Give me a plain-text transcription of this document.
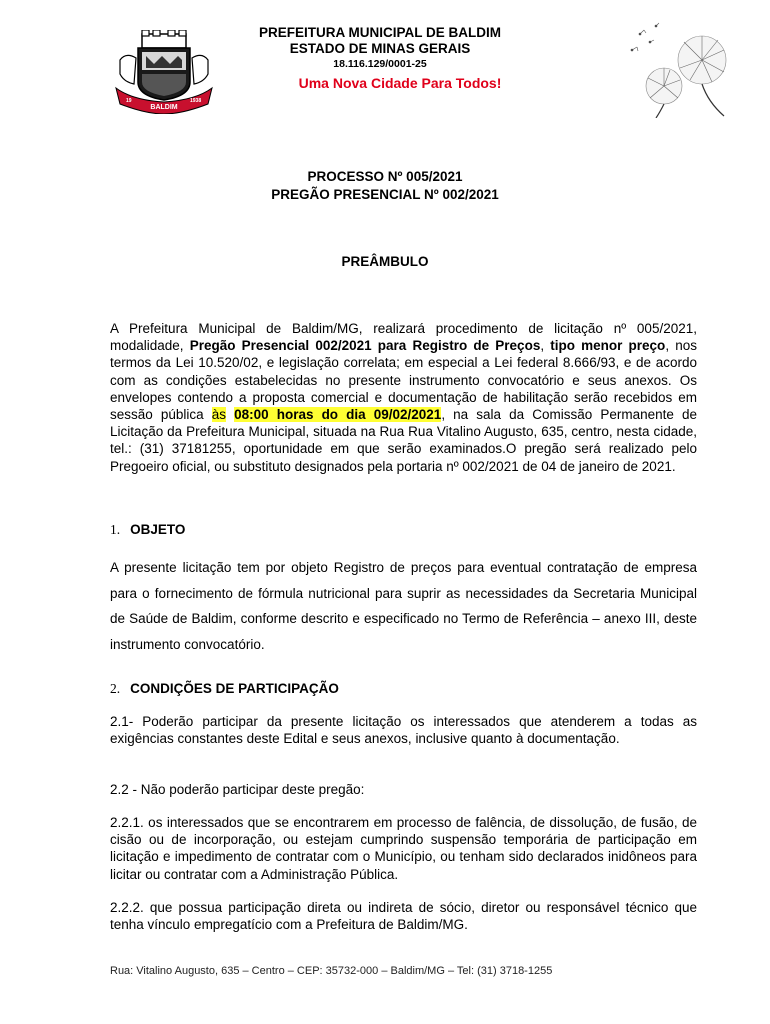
BALDIM
19	1938
PREFEITURA MUNICIPAL DE BALDIM
ESTADO DE MINAS GERAIS
18.116.129/0001-25
Uma Nova Cidade Para Todos!
PROCESSO Nº 005/2021
PREGÃO PRESENCIAL Nº 002/2021
PREÂMBULO
A Prefeitura Municipal de Baldim/MG, realizará procedimento de licitação nº 005/2021, modalidade, Pregão Presencial 002/2021 para Registro de Preços, tipo menor preço, nos termos da Lei 10.520/02, e legislação correlata; em especial a Lei federal 8.666/93, e de acordo com as condições estabelecidas no presente instrumento convocatório e seus anexos. Os envelopes contendo a proposta comercial e documentação de habilitação serão recebidos em sessão pública às 08:00 horas do dia 09/02/2021, na sala da Comissão Permanente de Licitação da Prefeitura Municipal, situada na Rua Rua Vitalino Augusto, 635, centro, nesta cidade, tel.: (31) 37181255, oportunidade em que serão examinados.O pregão será realizado pelo Pregoeiro oficial, ou substituto designados pela portaria nº 002/2021 de 04 de janeiro de 2021.
1. OBJETO
A presente licitação tem por objeto Registro de preços para eventual contratação de empresa para o fornecimento de fórmula nutricional para suprir as necessidades da Secretaria Municipal de Saúde de Baldim, conforme descrito e especificado no Termo de Referência – anexo III, deste instrumento convocatório.
2. CONDIÇÕES DE PARTICIPAÇÃO
2.1- Poderão participar da presente licitação os interessados que atenderem a todas as exigências constantes deste Edital e seus anexos, inclusive quanto à documentação.
2.2 - Não poderão participar deste pregão:
2.2.1. os interessados que se encontrarem em processo de falência, de dissolução, de fusão, de cisão ou de incorporação, ou estejam cumprindo suspensão temporária de participação em licitação e impedimento de contratar com o Município, ou tenham sido declarados inidôneos para licitar ou contratar com a Administração Pública.
2.2.2. que possua participação direta ou indireta de sócio, diretor ou responsável técnico que tenha vínculo empregatício com a Prefeitura de Baldim/MG.
Rua: Vitalino Augusto, 635 – Centro – CEP: 35732-000 – Baldim/MG – Tel: (31) 3718-1255
